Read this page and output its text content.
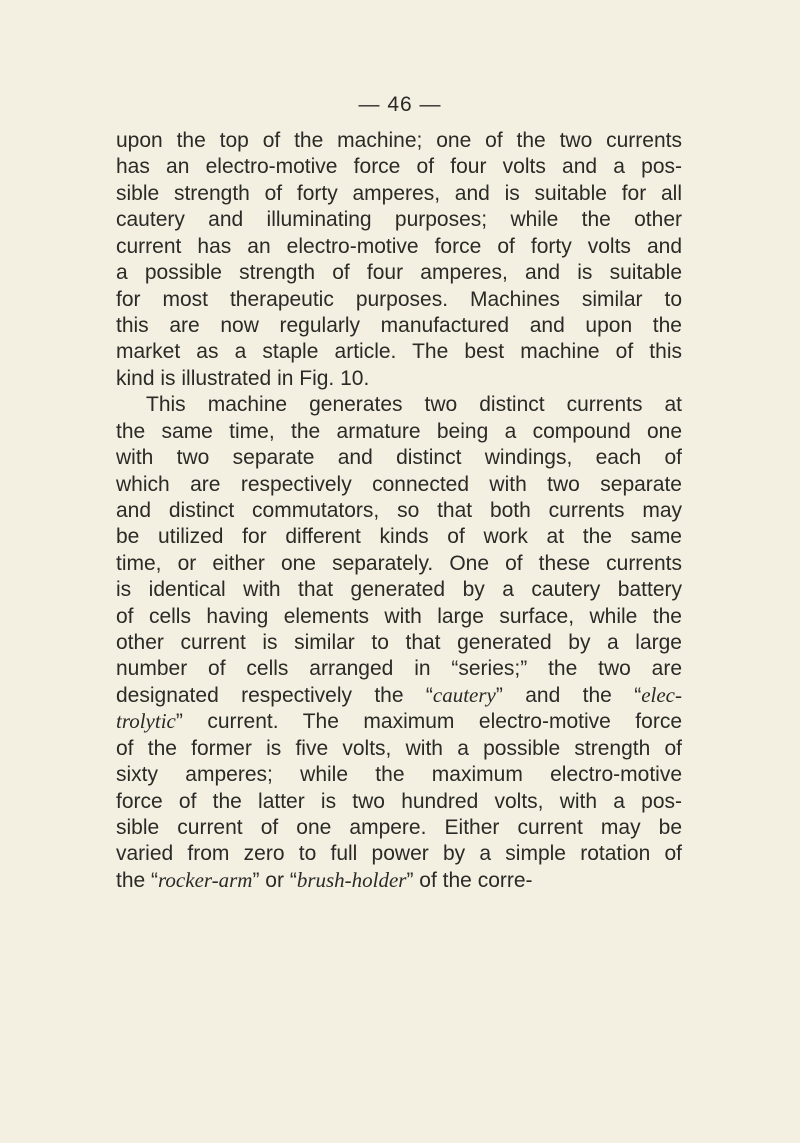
— 46 —
upon the top of the machine; one of the two currents
has an electro-motive force of four volts and a pos-
sible strength of forty amperes, and is suitable for all
cautery and illuminating purposes; while the other
current has an electro-motive force of forty volts and
a possible strength of four amperes, and is suitable
for most therapeutic purposes. Machines similar to
this are now regularly manufactured and upon the
market as a staple article. The best machine of this
kind is illustrated in Fig. 10.
This machine generates two distinct currents at
the same time, the armature being a compound one
with two separate and distinct windings, each of
which are respectively connected with two separate
and distinct commutators, so that both currents may
be utilized for different kinds of work at the same
time, or either one separately. One of these currents
is identical with that generated by a cautery battery
of cells having elements with large surface, while the
other current is similar to that generated by a large
number of cells arranged in “series;” the two are
designated respectively the “cautery” and the “elec-
trolytic” current. The maximum electro-motive force
of the former is five volts, with a possible strength of
sixty amperes; while the maximum electro-motive
force of the latter is two hundred volts, with a pos-
sible current of one ampere. Either current may be
varied from zero to full power by a simple rotation of
the “rocker-arm” or “brush-holder” of the corre-
